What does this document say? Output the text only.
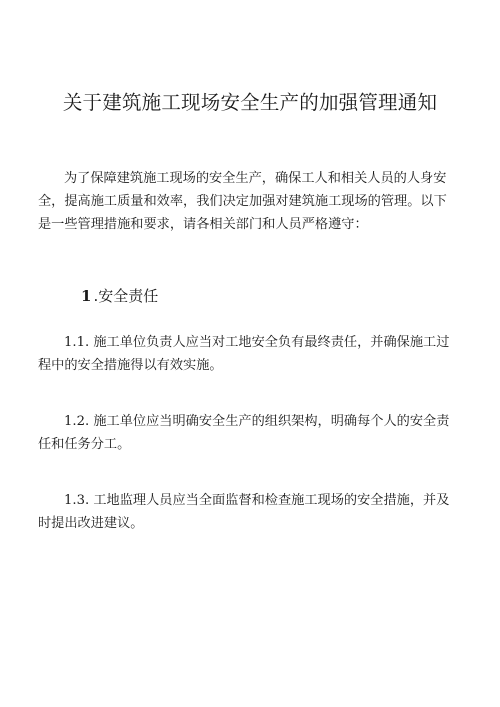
关于建筑施工现场安全生产的加强管理通知

为了保障建筑施工现场的安全生产，确保工人和相关人员的人身安全，提高施工质量和效率，我们决定加强对建筑施工现场的管理。以下是一些管理措施和要求，请各相关部门和人员严格遵守：

1 .安全责任

1.1. 施工单位负责人应当对工地安全负有最终责任，并确保施工过程中的安全措施得以有效实施。

1.2. 施工单位应当明确安全生产的组织架构，明确每个人的安全责任和任务分工。

1.3. 工地监理人员应当全面监督和检查施工现场的安全措施，并及时提出改进建议。
